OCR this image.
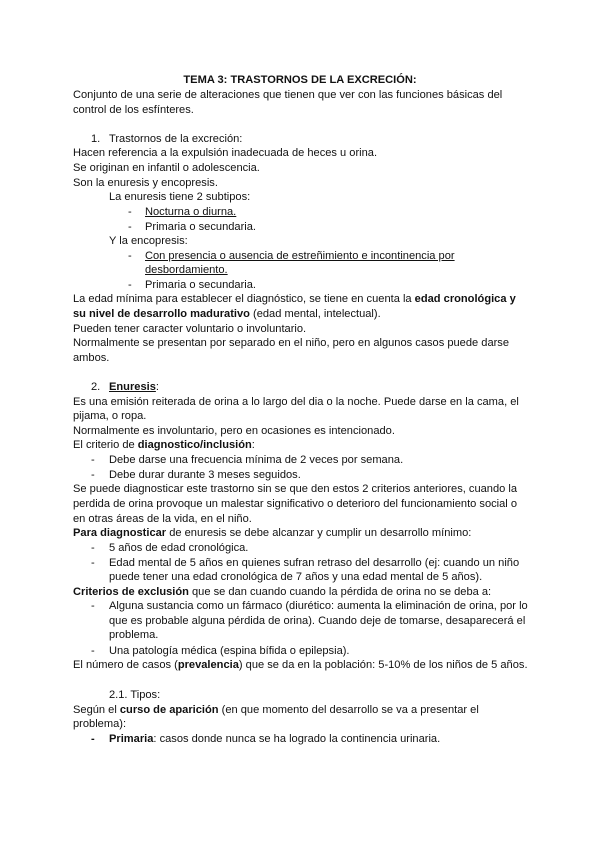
TEMA 3: TRASTORNOS DE LA EXCRECIÓN:

Conjunto de una serie de alteraciones que tienen que ver con las funciones básicas del

control de los esfínteres.

1. Trastornos de la excreción:

Hacen referencia a la expulsión inadecuada de heces u orina.

Se originan en infantil o adolescencia.

Son la enuresis y encopresis.

La enuresis tiene 2 subtipos:

- Nocturna o diurna.

- Primaria o secundaria.

Y la encopresis:

- Con presencia o ausencia de estreñimiento e incontinencia por

desbordamiento.

- Primaria o secundaria.

La edad mínima para establecer el diagnóstico, se tiene en cuenta la edad cronológica y

su nivel de desarrollo madurativo (edad mental, intelectual).

Pueden tener caracter voluntario o involuntario.

Normalmente se presentan por separado en el niño, pero en algunos casos puede darse

ambos.

2. Enuresis:

Es una emisión reiterada de orina a lo largo del dia o la noche. Puede darse en la cama, el

pijama, o ropa.

Normalmente es involuntario, pero en ocasiones es intencionado.

El criterio de diagnostico/inclusión:

- Debe darse una frecuencia mínima de 2 veces por semana.

- Debe durar durante 3 meses seguidos.

Se puede diagnosticar este trastorno sin se que den estos 2 criterios anteriores, cuando la

perdida de orina provoque un malestar significativo o deterioro del funcionamiento social o

en otras áreas de la vida, en el niño.

Para diagnosticar de enuresis se debe alcanzar y cumplir un desarrollo mínimo:

- 5 años de edad cronológica.

- Edad mental de 5 años en quienes sufran retraso del desarrollo (ej: cuando un niño

puede tener una edad cronológica de 7 años y una edad mental de 5 años).

Criterios de exclusión que se dan cuando cuando la pérdida de orina no se deba a:

- Alguna sustancia como un fármaco (diurético: aumenta la eliminación de orina, por lo

que es probable alguna pérdida de orina). Cuando deje de tomarse, desaparecerá el

problema.

- Una patología médica (espina bífida o epilepsia).

El número de casos (prevalencia) que se da en la población: 5-10% de los niños de 5 años.

2.1. Tipos:

Según el curso de aparición (en que momento del desarrollo se va a presentar el

problema):

- Primaria: casos donde nunca se ha logrado la continencia urinaria.
